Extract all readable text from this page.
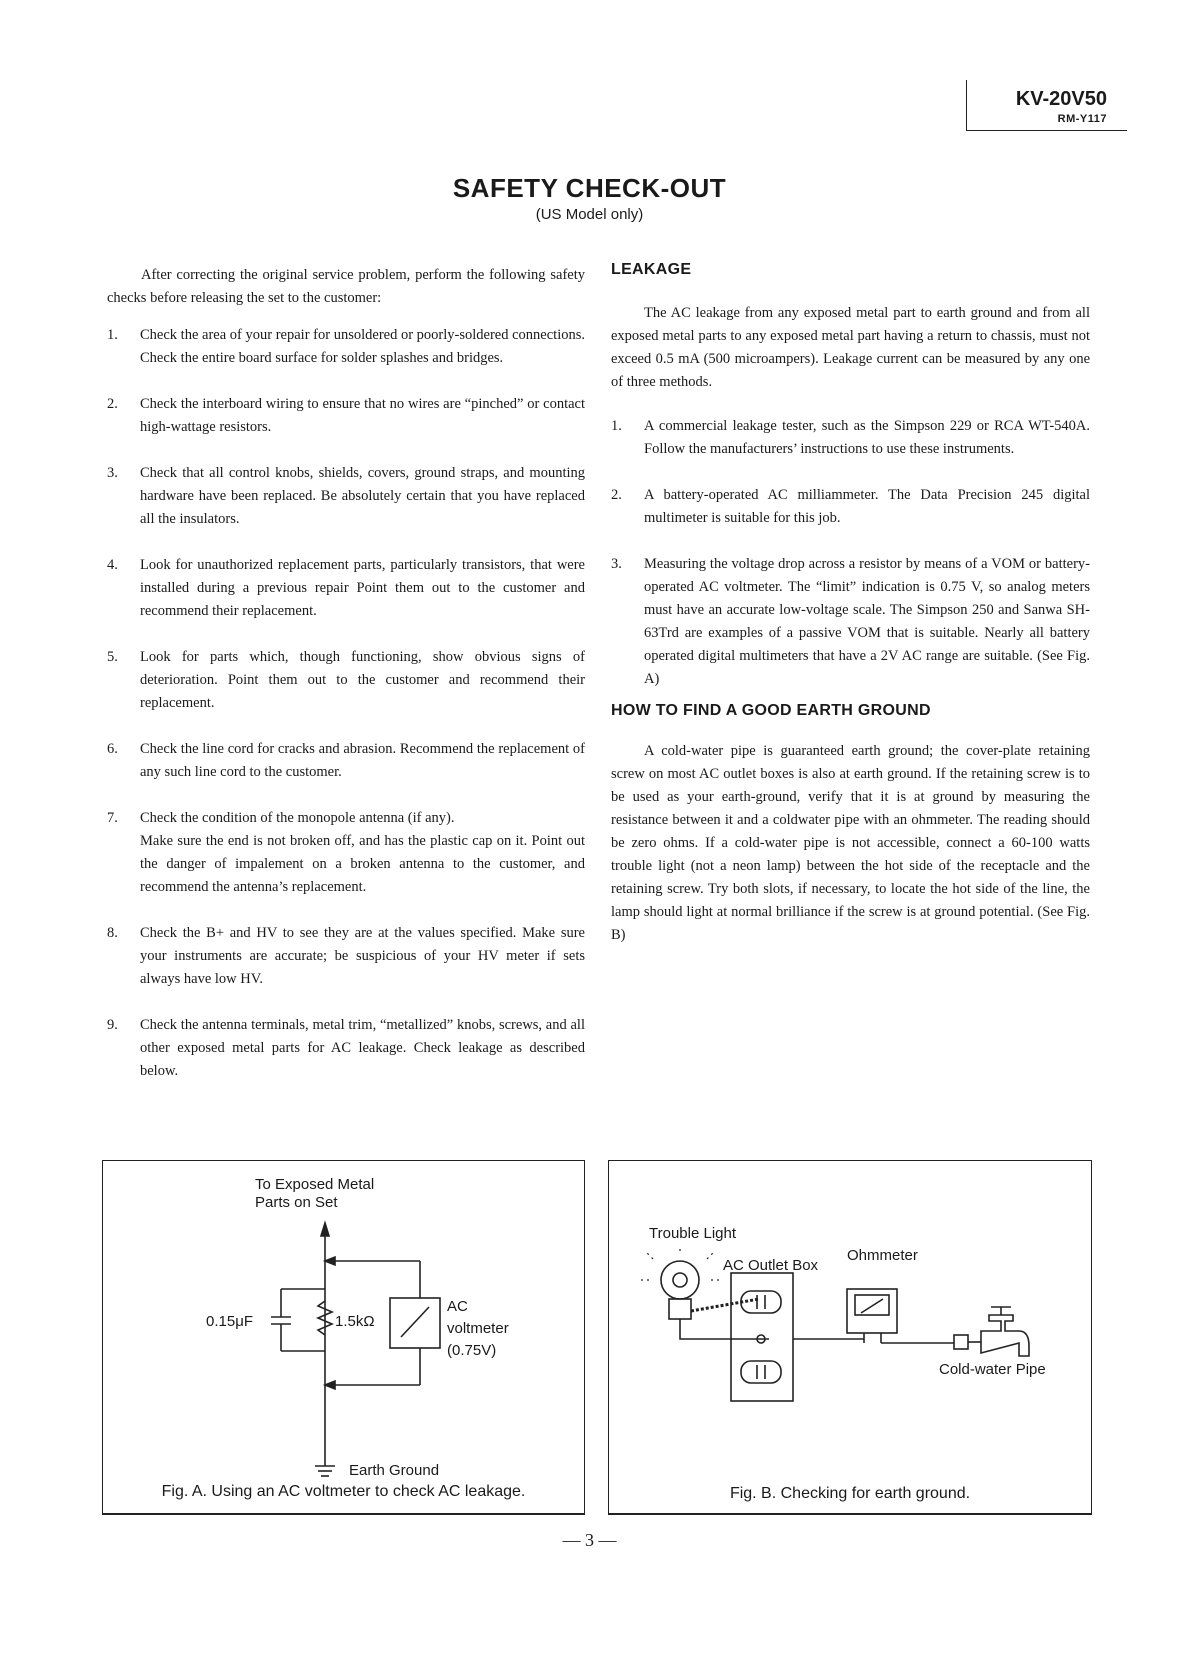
KV-20V50
RM-Y117
SAFETY CHECK-OUT
(US Model only)

After correcting the original service problem, perform the following safety checks before releasing the set to the customer:

1. Check the area of your repair for unsoldered or poorly-soldered connections. Check the entire board surface for solder splashes and bridges.

2. Check the interboard wiring to ensure that no wires are “pinched” or contact high-wattage resistors.

3. Check that all control knobs, shields, covers, ground straps, and mounting hardware have been replaced. Be absolutely certain that you have replaced all the insulators.

4. Look for unauthorized replacement parts, particularly transistors, that were installed during a previous repair Point them out to the customer and recommend their replacement.

5. Look for parts which, though functioning, show obvious signs of deterioration. Point them out to the customer and recommend their replacement.

6. Check the line cord for cracks and abrasion. Recommend the replacement of any such line cord to the customer.

7. Check the condition of the monopole antenna (if any).
Make sure the end is not broken off, and has the plastic cap on it. Point out the danger of impalement on a broken antenna to the customer, and recommend the antenna’s replacement.

8. Check the B+ and HV to see they are at the values specified. Make sure your instruments are accurate; be suspicious of your HV meter if sets always have low HV.

9. Check the antenna terminals, metal trim, “metallized” knobs, screws, and all other exposed metal parts for AC leakage. Check leakage as described below.

LEAKAGE

The AC leakage from any exposed metal part to earth ground and from all exposed metal parts to any exposed metal part having a return to chassis, must not exceed 0.5 mA (500 microampers). Leakage current can be measured by any one of three methods.

1. A commercial leakage tester, such as the Simpson 229 or RCA WT-540A. Follow the manufacturers’ instructions to use these instruments.

2. A battery-operated AC milliammeter. The Data Precision 245 digital multimeter is suitable for this job.

3. Measuring the voltage drop across a resistor by means of a VOM or battery-operated AC voltmeter. The “limit” indication is 0.75 V, so analog meters must have an accurate low-voltage scale. The Simpson 250 and Sanwa SH-63Trd are examples of a passive VOM that is suitable. Nearly all battery operated digital multimeters that have a 2V AC range are suitable. (See Fig. A)

HOW TO FIND A GOOD EARTH GROUND

A cold-water pipe is guaranteed earth ground; the cover-plate retaining screw on most AC outlet boxes is also at earth ground. If the retaining screw is to be used as your earth-ground, verify that it is at ground by measuring the resistance between it and a coldwater pipe with an ohmmeter. The reading should be zero ohms. If a cold-water pipe is not accessible, connect a 60-100 watts trouble light (not a neon lamp) between the hot side of the receptacle and the retaining screw. Try both slots, if necessary, to locate the hot side of the line, the lamp should light at normal brilliance if the screw is at ground potential. (See Fig. B)

To Exposed Metal
Parts on Set
0.15μF	1.5kΩ
AC
voltmeter
(0.75V)
Earth Ground
Fig. A. Using an AC voltmeter to check AC leakage.
Trouble Light
AC Outlet Box
Ohmmeter
Cold-water Pipe
Fig. B. Checking for earth ground.
— 3 —
